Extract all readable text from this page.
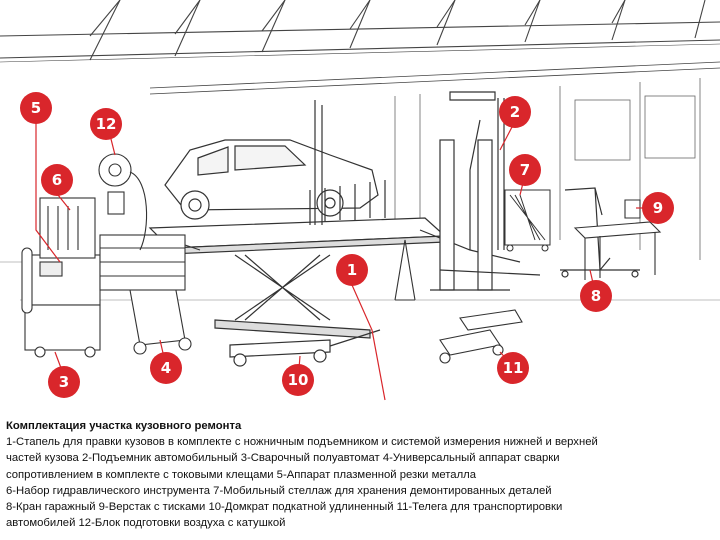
5
12
6
2
7
9
1
8
3
4
10
11
Комплектация участка кузовного ремонта
1-Стапель для правки кузовов в комплекте с ножничным подъемником и системой измерения нижней и верхней
частей кузова 2-Подъемник автомобильный 3-Сварочный полуавтомат 4-Универсальный аппарат сварки
сопротивлением в комплекте с токовыми клещами 5-Аппарат плазменной резки металла
6-Набор гидравлического инструмента 7-Мобильный стеллаж для хранения демонтированных деталей
8-Кран гаражный 9-Верстак с тисками 10-Домкрат подкатной удлиненный 11-Телега для транспортировки
автомобилей 12-Блок подготовки воздуха с катушкой
